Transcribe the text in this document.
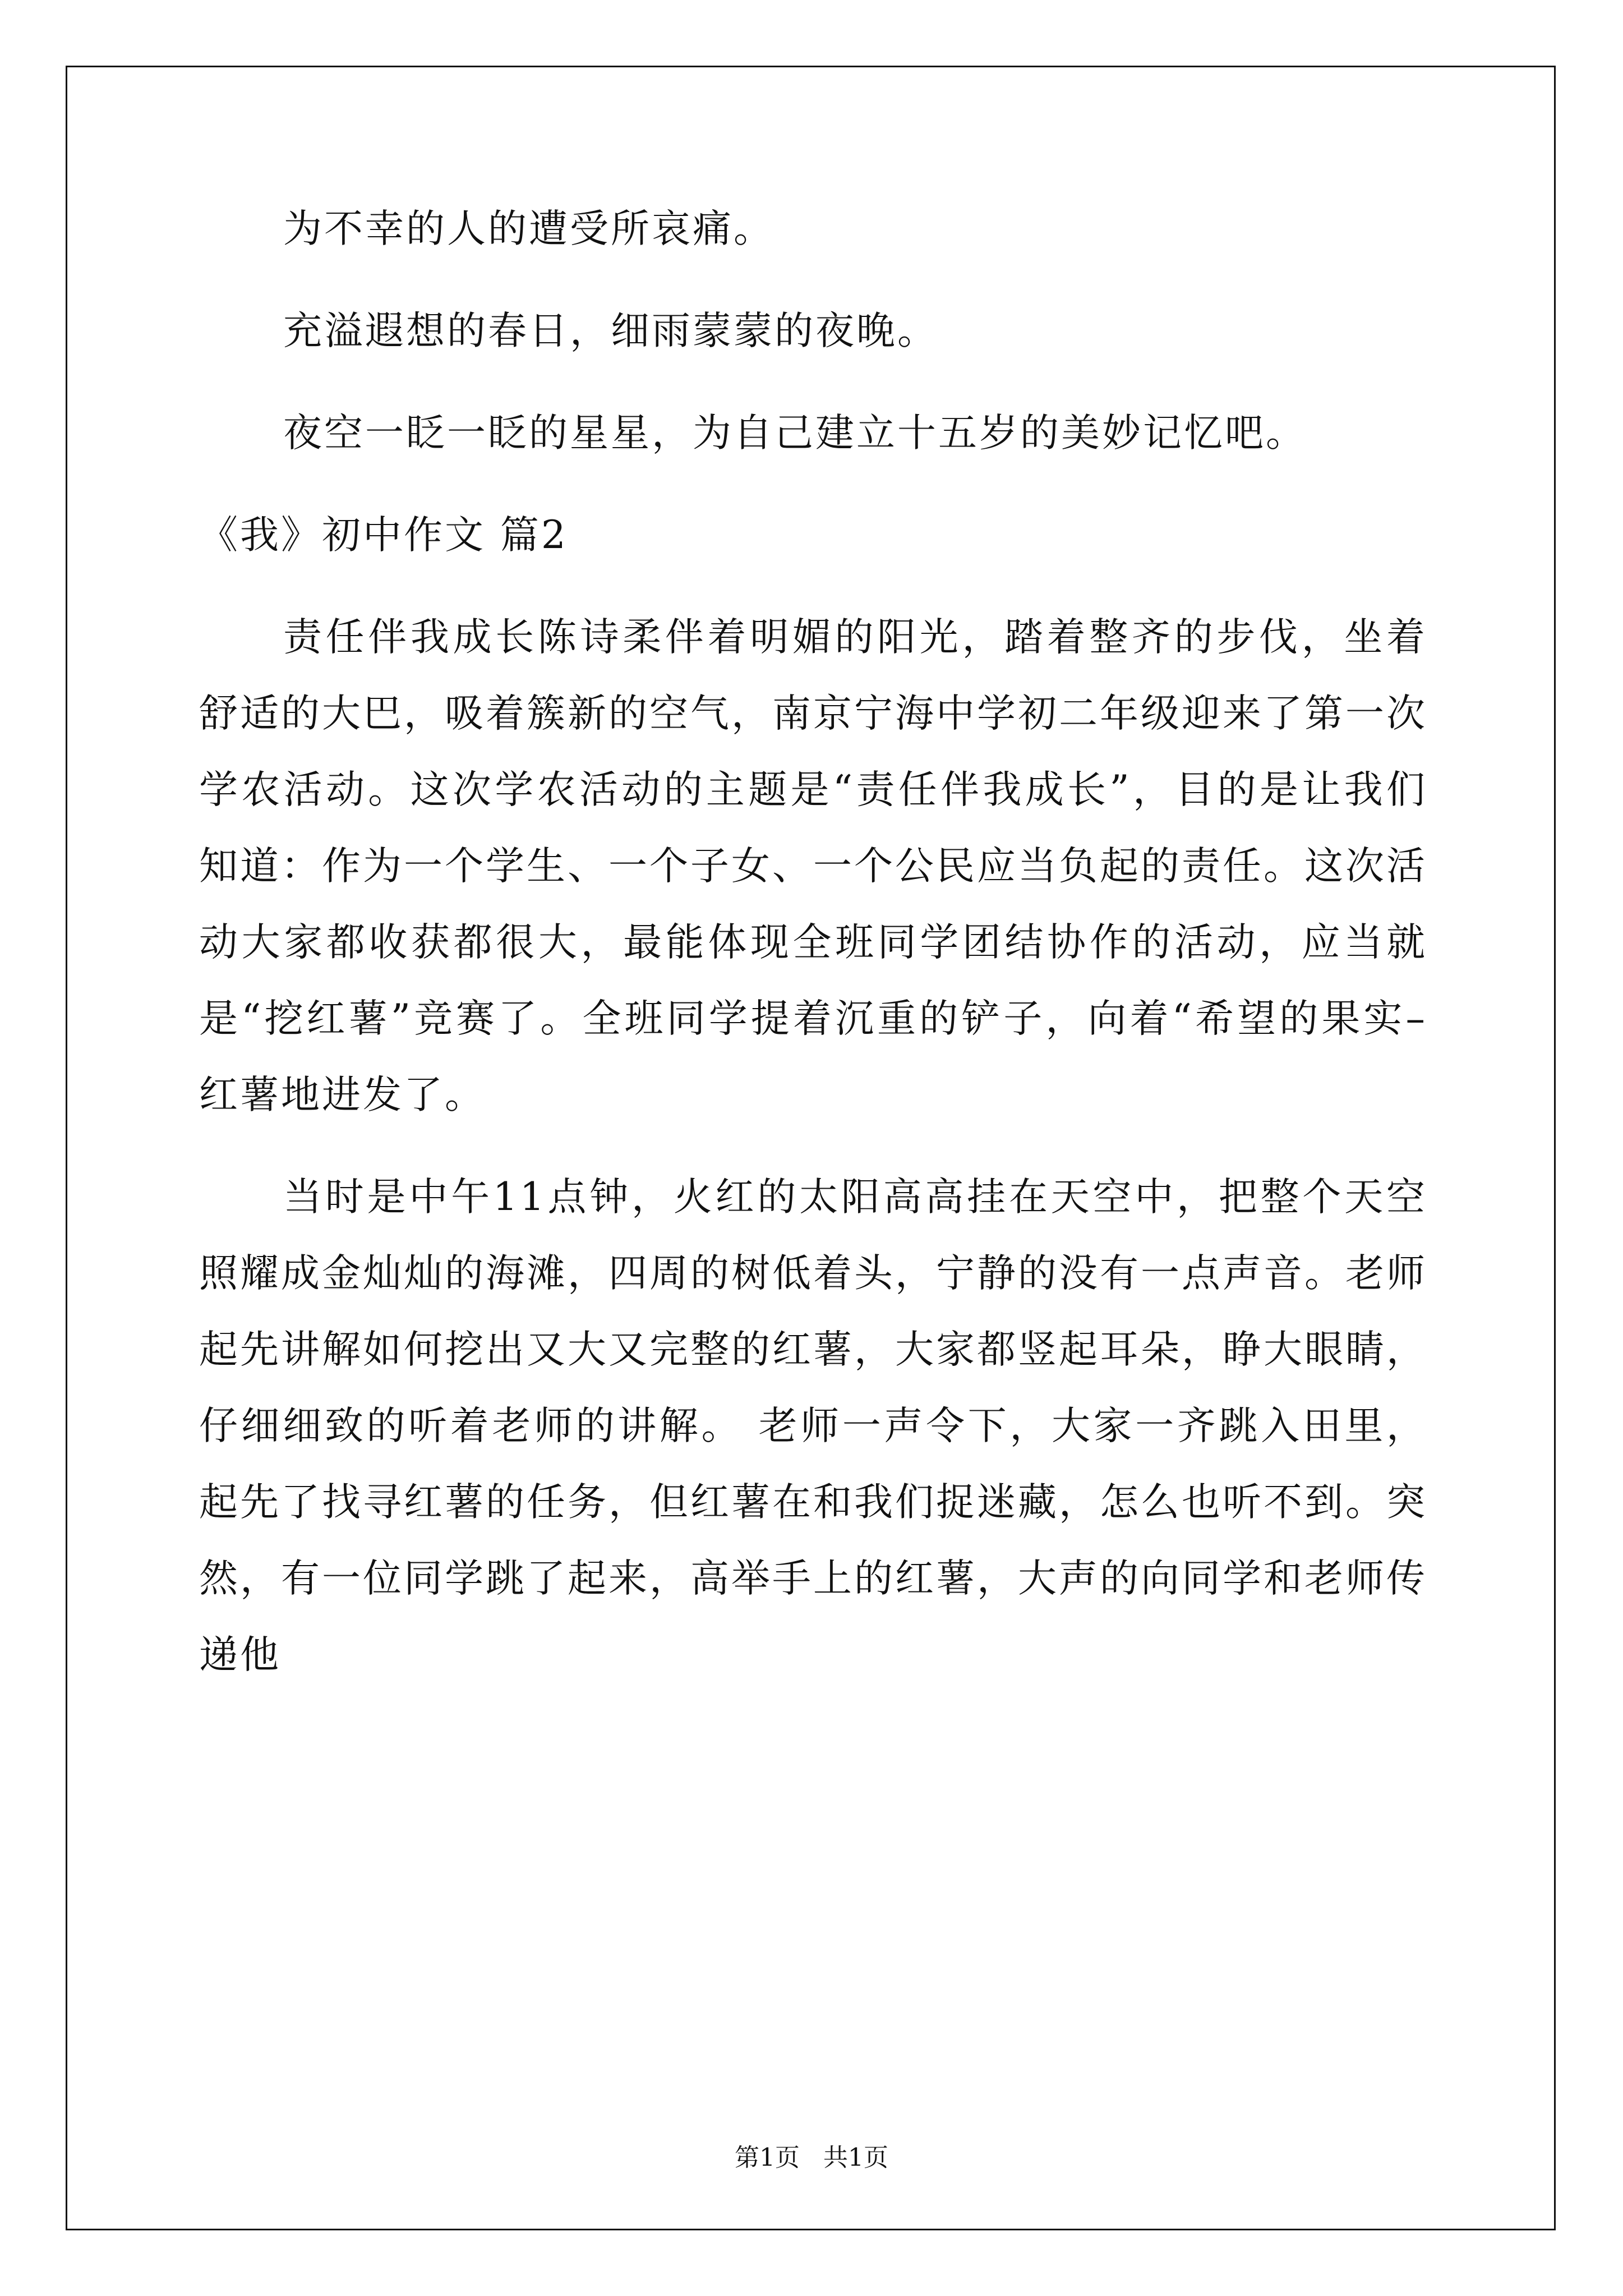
为不幸的人的遭受所哀痛。

充溢遐想的春日，细雨蒙蒙的夜晚。

夜空一眨一眨的星星，为自己建立十五岁的美妙记忆吧。

《我》初中作文 篇2

责任伴我成长陈诗柔伴着明媚的阳光，踏着整齐的步伐，坐着舒适的大巴，吸着簇新的空气，南京宁海中学初二年级迎来了第一次学农活动。这次学农活动的主题是“责任伴我成长”，目的是让我们知道：作为一个学生、一个子女、一个公民应当负起的责任。这次活动大家都收获都很大，最能体现全班同学团结协作的活动，应当就是“挖红薯”竞赛了。全班同学提着沉重的铲子，向着“希望的果实–红薯地进发了。

当时是中午11点钟，火红的太阳高高挂在天空中，把整个天空照耀成金灿灿的海滩，四周的树低着头，宁静的没有一点声音。老师起先讲解如何挖出又大又完整的红薯，大家都竖起耳朵，睁大眼睛，仔细细致的听着老师的讲解。 老师一声令下，大家一齐跳入田里，起先了找寻红薯的任务，但红薯在和我们捉迷藏，怎么也听不到。突然，有一位同学跳了起来，高举手上的红薯，大声的向同学和老师传递他

第1页 共1页
